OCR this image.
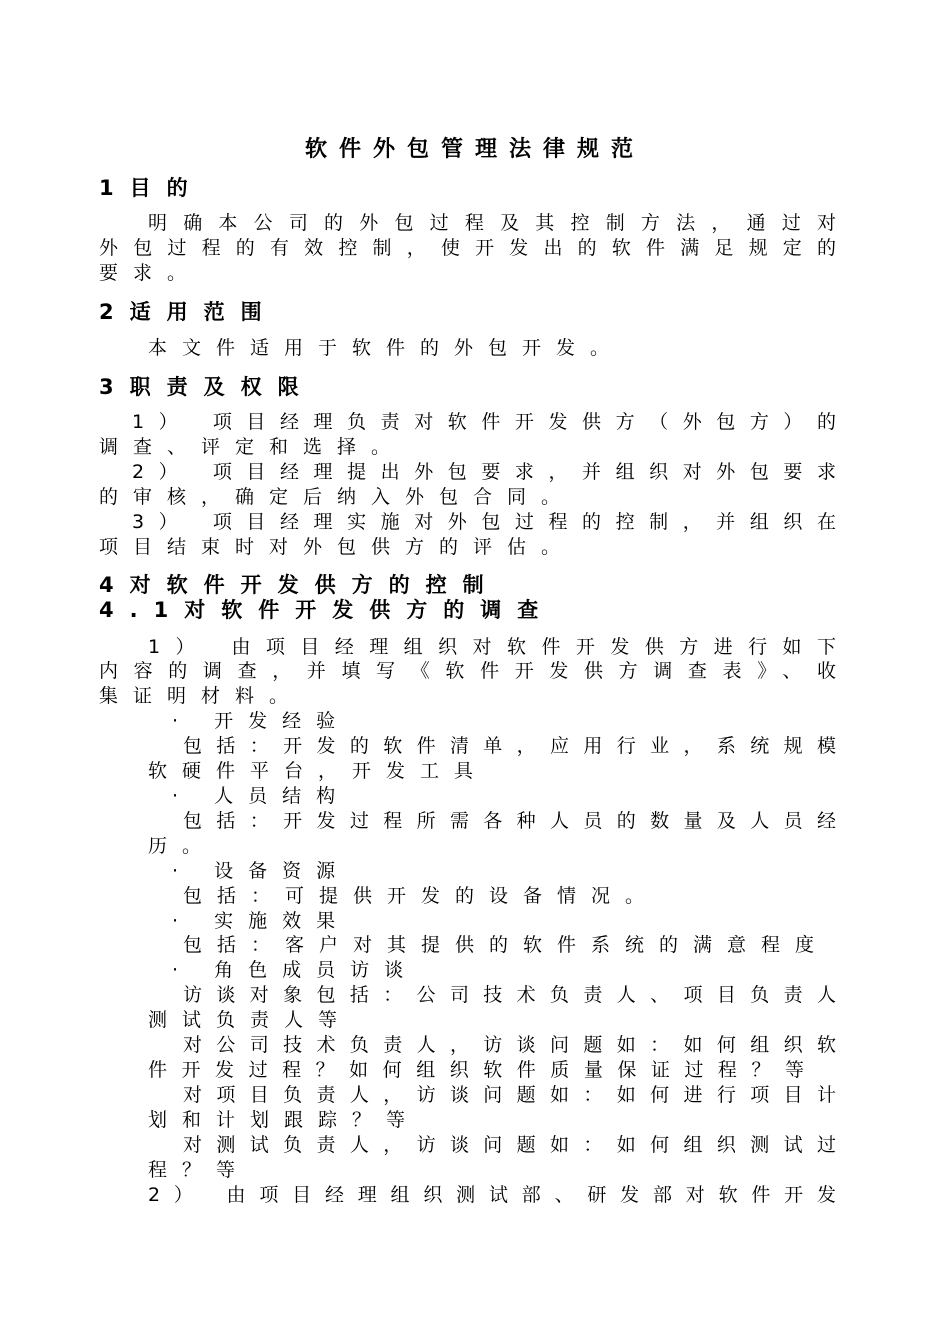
软件外包管理法律规范
1目的
明确本公司的外包过程及其控制方法，通过对
外包过程的有效控制，使开发出的软件满足规定的
要求。
2适用范围
本文件适用于软件的外包开发。
3职责及权限
1） 项目经理负责对软件开发供方（外包方）的
调查、评定和选择。
2） 项目经理提出外包要求，并组织对外包要求
的审核，确定后纳入外包合同。
3） 项目经理实施对外包过程的控制，并组织在
项目结束时对外包供方的评估。
4对软件开发供方的控制
4.1对软件开发供方的调查
1） 由项目经理组织对软件开发供方进行如下
内容的调查，并填写《软件开发供方调查表》、收
集证明材料。
· 开发经验
包括：开发的软件清单，应用行业，系统规模
软硬件平台，开发工具
· 人员结构
包括：开发过程所需各种人员的数量及人员经
历。
· 设备资源
包括：可提供开发的设备情况。
· 实施效果
包括：客户对其提供的软件系统的满意程度
· 角色成员访谈
访谈对象包括：公司技术负责人、项目负责人
测试负责人等
对公司技术负责人，访谈问题如：如何组织软
件开发过程？如何组织软件质量保证过程？等
对项目负责人，访谈问题如：如何进行项目计
划和计划跟踪？等
对测试负责人，访谈问题如：如何组织测试过
程？等
2） 由项目经理组织测试部、研发部对软件开发
